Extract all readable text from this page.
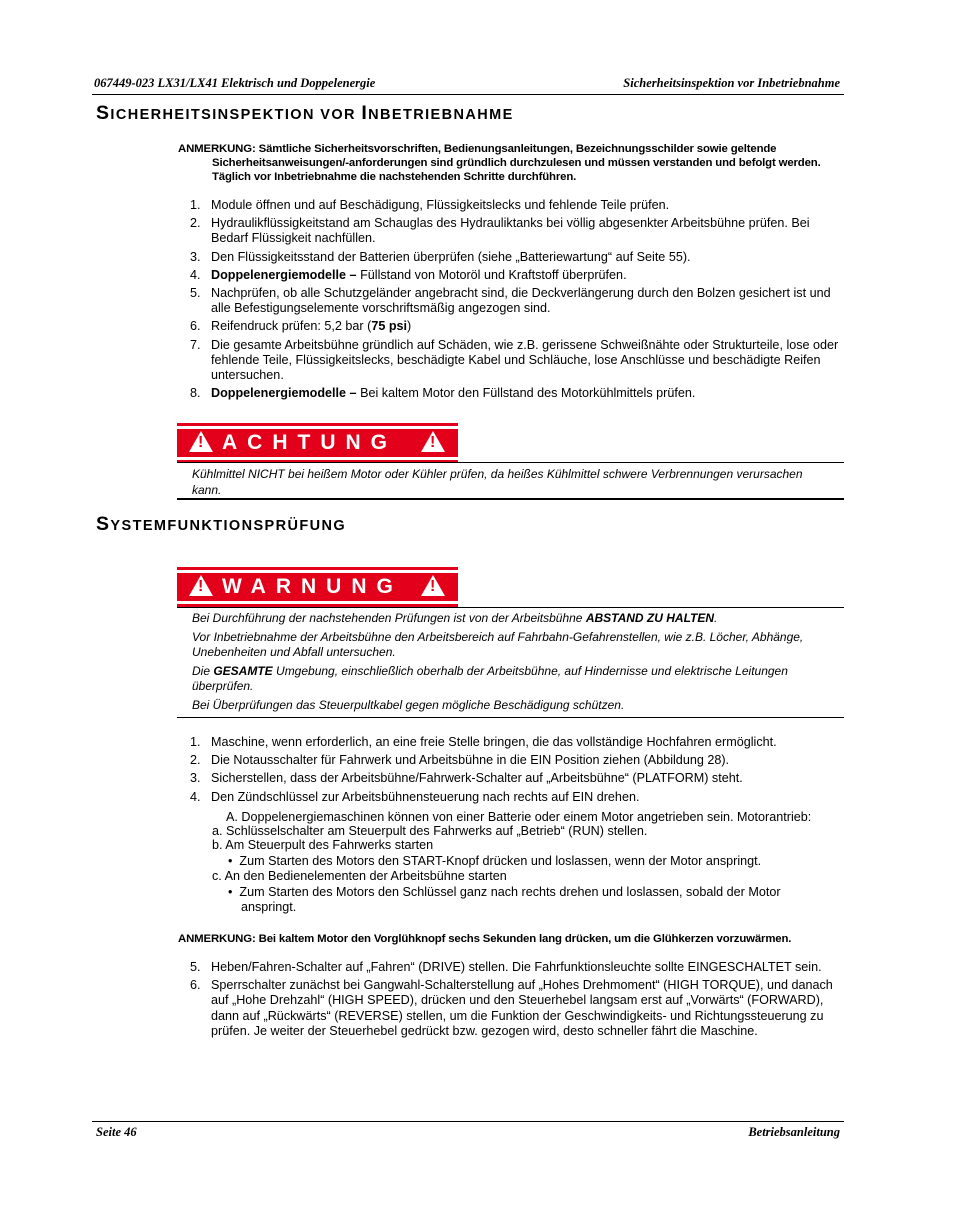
067449-023 LX31/LX41 Elektrisch und Doppelenergie	Sicherheitsinspektion vor Inbetriebnahme
SICHERHEITSINSPEKTION VOR INBETRIEBNAHME
ANMERKUNG: Sämtliche Sicherheitsvorschriften, Bedienungsanleitungen, Bezeichnungsschilder sowie geltende
Sicherheitsanweisungen/-anforderungen sind gründlich durchzulesen und müssen verstanden und befolgt werden.
Täglich vor Inbetriebnahme die nachstehenden Schritte durchführen.
1. Module öffnen und auf Beschädigung, Flüssigkeitslecks und fehlende Teile prüfen.
2. Hydraulikflüssigkeitstand am Schauglas des Hydrauliktanks bei völlig abgesenkter Arbeitsbühne prüfen. Bei Bedarf Flüssigkeit nachfüllen.
3. Den Flüssigkeitsstand der Batterien überprüfen (siehe „Batteriewartung“ auf Seite 55).
4. Doppelenergiemodelle – Füllstand von Motoröl und Kraftstoff überprüfen.
5. Nachprüfen, ob alle Schutzgeländer angebracht sind, die Deckverlängerung durch den Bolzen gesichert ist und alle Befestigungselemente vorschriftsmäßig angezogen sind.
6. Reifendruck prüfen: 5,2 bar (75 psi)
7. Die gesamte Arbeitsbühne gründlich auf Schäden, wie z.B. gerissene Schweißnähte oder Strukturteile, lose oder fehlende Teile, Flüssigkeitslecks, beschädigte Kabel und Schläuche, lose Anschlüsse und beschädigte Reifen untersuchen.
8. Doppelenergiemodelle – Bei kaltem Motor den Füllstand des Motorkühlmittels prüfen.
ACHTUNG
!
!
Kühlmittel NICHT bei heißem Motor oder Kühler prüfen, da heißes Kühlmittel schwere Verbrennungen verursachen kann.
SYSTEMFUNKTIONSPRÜFUNG
WARNUNG
!
!

Bei Durchführung der nachstehenden Prüfungen ist von der Arbeitsbühne ABSTAND ZU HALTEN.

Vor Inbetriebnahme der Arbeitsbühne den Arbeitsbereich auf Fahrbahn-Gefahrenstellen, wie z.B. Löcher, Abhänge, Unebenheiten und Abfall untersuchen.

Die GESAMTE Umgebung, einschließlich oberhalb der Arbeitsbühne, auf Hindernisse und elektrische Leitungen überprüfen.

Bei Überprüfungen das Steuerpultkabel gegen mögliche Beschädigung schützen.

1. Maschine, wenn erforderlich, an eine freie Stelle bringen, die das vollständige Hochfahren ermöglicht.
2. Die Notausschalter für Fahrwerk und Arbeitsbühne in die EIN Position ziehen (Abbildung 28).
3. Sicherstellen, dass der Arbeitsbühne/Fahrwerk-Schalter auf „Arbeitsbühne“ (PLATFORM) steht.
4. Den Zündschlüssel zur Arbeitsbühnensteuerung nach rechts auf EIN drehen.
A. Doppelenergiemaschinen können von einer Batterie oder einem Motor angetrieben sein. Motorantrieb:
a. Schlüsselschalter am Steuerpult des Fahrwerks auf „Betrieb“ (RUN) stellen.
b. Am Steuerpult des Fahrwerks starten
•  Zum Starten des Motors den START-Knopf drücken und loslassen, wenn der Motor anspringt.
c. An den Bedienelementen der Arbeitsbühne starten
•  Zum Starten des Motors den Schlüssel ganz nach rechts drehen und loslassen, sobald der Motor
anspringt.
ANMERKUNG: Bei kaltem Motor den Vorglühknopf sechs Sekunden lang drücken, um die Glühkerzen vorzuwärmen.
5. Heben/Fahren-Schalter auf „Fahren“ (DRIVE) stellen. Die Fahrfunktionsleuchte sollte EINGESCHALTET sein.
6. Sperrschalter zunächst bei Gangwahl-Schalterstellung auf „Hohes Drehmoment“ (HIGH TORQUE), und danach auf „Hohe Drehzahl“ (HIGH SPEED), drücken und den Steuerhebel langsam erst auf „Vorwärts“ (FORWARD), dann auf „Rückwärts“ (REVERSE) stellen, um die Funktion der Geschwindigkeits- und Richtungssteuerung zu prüfen. Je weiter der Steuerhebel gedrückt bzw. gezogen wird, desto schneller fährt die Maschine.
Seite 46	Betriebsanleitung
